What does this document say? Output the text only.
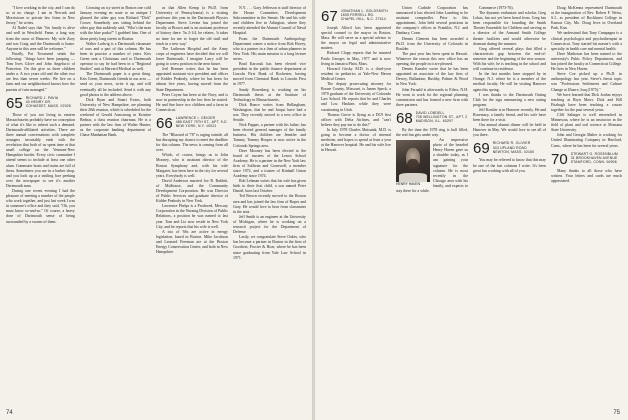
"I love working in the city, and I can do so at no charge. I am in Newark and Morristown to private law firms in New Jersey," he writes.

Al Nadel says that "his family is alive and well in Westfield. Fame, a long way from the snow of Hanover. My wife Zoey and son Craig and the Dartmouth is home. Anyone in this area will be welcome."

Finally, Pat Townsend sends the following: "things have been jumping — Tom lives Glove and John Angelucci of Princeton. On this give us three children under a. A two years old and the other two are less than seven weeks. We live on a farm and our neighborhood knows how the parents of twin managed."

65 RICHARD J. PAVIA
40 HENRY DR.
COHASSET, MASS. 02025

Those of you not living in eastern Massachusetts probably have no conception of what it's like to inherit such a demand. Dartmouth-affiliated activities. There are three annual conversations with complete strangers invariably ends with the revelation that both of us spent time at that small college on the Vermont-New Hampshire border. Every civic committee I attend seems to include at least one other alum. Commuter boats and trains are full of them. Sometimes you are in a barber shop, and you look up at a smiling face peeking over the newspaper to see it's another Dartmouth man.

During one recent evening I had the pleasure of meeting a number of the people who work together, and just last week I was in someone's office and they said, "Oh, you must know so-and-so." Of course, a heavy dose of Dartmouth sense of being surrounded by a swarm of them.

Crossing an icy street in Boston one cold January evening en route to an antique I glanced the other guy was Richard "Dick" Crowe, Somebody was sitting behind the other guy that suddenly said, "Who's the man with the blue parka?" I grabbed him. One of those pretty long streets in Boston.

Walter Ludwig is a Dartmouth classmate of ours and a part of this column. He has been in practice a number of years. Kris Green sent a Christmas card to Dartmouth operator to say he had been in a "Regional Studies" unit at Harvard Medical as well.

The Dartmouth paper is a great thing. Kris Green, Dartmouth friends in our area — send us your news, write it up, and will eventually all be included. Send it with any good photos to the address above.

Dick Ryan and Stuart Evans, both University of New Hampshire, are planning their 20th reunion, which is scheduled for the weekend of Gerald Armstrong in Kristine Bednar, a class reunion chairman. He is a partner with the law firm of Walter Hunter, as the corporate banking department of Chase Manhattan Bank.

as that Allen Kemp (a Ph.D. from University of Pennsylvania) is a visiting professor this year in the Dartmouth Physics Department. Steve Levine has joined the faculty at Brown and is an assistant professor of history there. 'In 2-1/4, he relates, 'it takes no time for me to forget the old stuff and teach in a new way.'

The Lutheran Hospital and the Army corps of engineers have decided that we will leave Dartmouth. I imagine Larry will be going to a new position in the near future.

Joel Brenner writes that he has been appointed assistant vice president and officer of Kidder Peabody, where he has been for almost five years, having moved from the State Department.

Peter Coyne has been at the Navy, and is now in partnership in the law firm he started. He and Sue have two children and a farm in Connecticut.

66 LAWRENCE I. GEIGER
485 EAST 79TH ST., APT. 9-D
NEW YORK, N.Y. 10021

The "Blizzard of '78" is raging outside, all but disrupting my chance to meet the deadline for this column. The news is coming from all over.

Which, of course, brings us to John Mooney, who is assistant director of the Boston Symphony and, with his wife Margaret, has been here in the city for several years. Everybody is well.

David Anderson married Joe R. Babbitt, of Mulhouse, and the Community Development Corporation. He was Director of Public Services and graduate director of Kidder Peabody in New York.

Lawrence Phelps is a Produced, Mercury Corporation in the Nursing Division of Public Relations, a position he was named to last year. Tom and Liz now reside in New York City, and he reports that his wife is well.

A trio of '66s are active in energy legislation, based in Boston. Mike Jacobson and Leonard Freeman are at the Boston Energy Conservation Center, and both in New Hampshire.

N.Y. . . . Gary Jefferson is staff director of the House Committee, Development Subcommittee in the Senate. He and his wife and children live in Arlington, where they recently attended the Alumni Council of Naval Hospital.

From the Dartmouth Anthropology Department comes a notice from Bob Hovey, who is a partner in a firm of urban planners in New York. His main mission is a long lecture series.

Brad Karcouk has been elected vice president in the public finance department at Lincoln First Bank of Rochester, having moved from Chemical Bank to Lincoln First in 1977.

Sandy Rosenberg is working on his Dartmouth thesis at the Institute of Technology in Massachusetts.

Dick Bunce writes from Bellingham, Washington, that he and Jacqui have had a son. They recently moved to a new office in Seattle.

Nick Pappas, a partner with his father, has been elected general manager of the family business. His children are Jennifer and Tommy. Tommy Hooper is now active in the Colorado Springs area.

Dave Mooney has been elected to the board of trustees of the Lenox School Academy. He is a partner in the New York law firm of Sullivan and Cromwell, a member since 1972, and a trustee of Kimball Union Academy since 1974.

Bob Lehman writes that his wife has given birth to their first child, a son named Peter Daniel, born last October.

Ted Brown recently moved to the Boston area and has joined the law firm of Ropes and Gray. He would love to hear from classmates in the area.

Jeff Smith is an engineer at the University of Michigan, where he is working on a research project for the Department of Defense.

Lastly, we congratulate Steve Oakes, who has become a partner in Boston in the firm of Goodwin, Procter & Hoar, where he has been since graduating from Yale Law School in 1971.

74
67 JONATHAN L. GOLDSMITH
1805 FERRELL RD.
CHAPEL HILL, N.C. 27514

Joseph Alford has been appointed special counsel to the mayor in Boston, Mass. He will serve as a special advisor to the mayor on legal and administrative matters.

Richard Clapp reports that he married Paula Georges in May, 1977 and is now living in Jamaica Plain, Mass.

Howard Girsky M.D. is a third-year resident in pediatrics at Yale-New Haven Medical Center.

The deputy prosecuting attorney for Boone County, Missouri, is James Speck, a 1970 graduate of the University of Colorado Law School. He reports that he and Charles and Lou Haskins while they were vacationing in Utah.

Thomas Grove is flying as a DC9 first officer with Delta Airlines, and "can't believe they pay me to do this!"

In July 1978 Charles Matsutak, M.D. is going to become a doctor of internal medicine, and hopes to spend at least a year at the Hanover hospital. He and his wife live in Hawaii.

Union Carbide Corporation has announced it has elected John Lumbing to be assistant comptroller. Prior to this appointment, John held several positions in the company's offices in Franklin, N.J. and Danbury, Conn.

Dennis Clement has been awarded a Ph.D. from the University of Colorado in Boulder.

The past year has been spent in Hawaii. Whatever the reason this new office has an opening, the people in it are pleased.

Dennis Kanzler wrote that he has been appointed an associate of the law firm of Dewey, Ballantine, Bushby, Palmer & Wood in New York.

John Fernald is afterwards to Eilers, N.H. He went to work for the regional planning commission and has formed a new firm with three partners.

68 DAVID LOBDELL
708 WELLINGTON ST., APT. 2
MADISON, ILL. 60297

By the time the 1978 ring is half filled, the real fun gets under way.

HENRY HAVEN

An impressive photo of the bearded Henry Haven gave us a shudder today, as I am gaining your signature for the column. He is most recently in the Chicago area with his family, and expects to stay there for a while.

Commerce (1973-76).

The dynamic enthusiast and scholar, Greg Lokas, has not yet been heard from. Greg has been responsible for founding the Smith Theater Ensemble for Children and serving as a director of the Armand Smith College theater facilities and would otherwise be dormant during the summer.

Greg offered several plays that filled a characteristic gap between the end-of-semester and the beginning of the new season. With his wife, he is teaching in the school and will continue in residence.

In the last months have stopped by in Orange, N.J. where he is a member of the medical faculty. He will be visiting Hanover again this spring.

I was thanks to the Dartmouth Outing Club for the sign announcing a new outing program.

Jeff Kontler is in Hanover recently. He and Rosemary, a family friend, and his wife have been there for a visit.

Our annual alumni dinner will be held in Hanover in May. We would love to see all of you there.

69 RICHARD R. OLIVIER
343 UPLAND ROAD
NEWTON, MASS. 02160

You may be relieved to know that this may be one of the last columns I write. It's been great fun working with all of you.

Doug McKenna represented Dartmouth at the inauguration of Rev. Robert F. Weiss, S.J., as president of Rockhurst College in Kansas City, Mo. Doug lives in Overland Park, Kan.

We understand that Tony Campagna is a clinical psychologist and psychotherapist in Connecticut. Tony started his master's with a specialty in health care and mental health.

Dave Matheson has been named to the university's Pubic Policy Department, and has joined the faculty at Connecticut College. He lives in New Haven.

Steve Coe picked up a Ph.D. in anthropology last year. Steve's thesis topic was "Professions Settlement and Culture Change at Ubarre, Iraq (1975)."

We have learned that Dick Jordan enjoys teaching at Bryn Mawr. Dick and Bill Fitzhugh have been teaching a course together for the past several years.

Cliff Salinger is well entrenched in Minnesota, where he is an instructor in the field of plant and soil science at Montana State University.

John and Georgia Maher is working for United Illuminating Company in Hartford, Conn., where he has been for several years.

70 STEWART G. ROSENBLUM
31 BROOKHAVEN AVENUE
STAMFORD, CONN. 06906

Many thanks to all those who have written. Your letters and cards are much appreciated.

75
